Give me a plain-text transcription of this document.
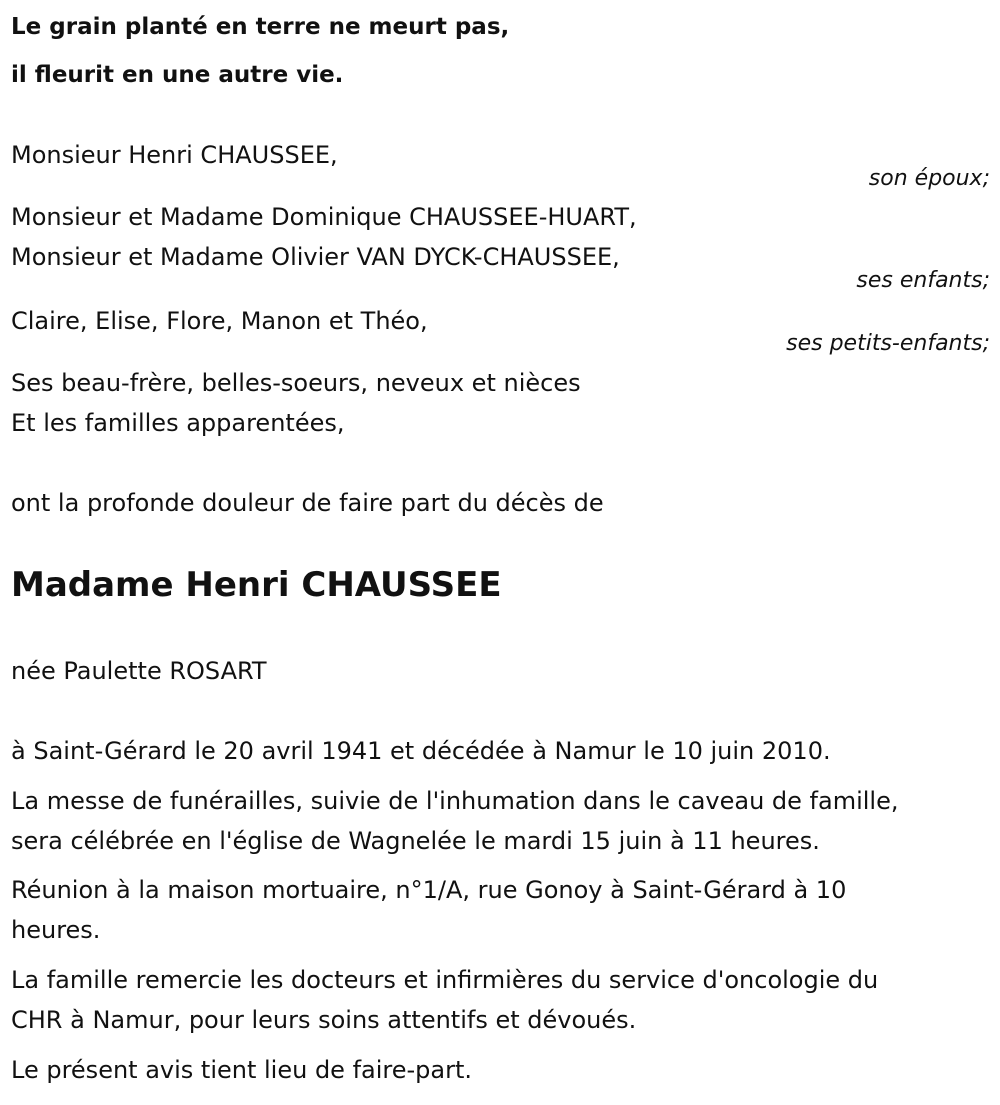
Le grain planté en terre ne meurt pas,
il fleurit en une autre vie.
Monsieur Henri CHAUSSEE,
son époux;
Monsieur et Madame Dominique CHAUSSEE-HUART,
Monsieur et Madame Olivier VAN DYCK-CHAUSSEE,
ses enfants;
Claire, Elise, Flore, Manon et Théo,
ses petits-enfants;
Ses beau-frère, belles-soeurs, neveux et nièces
Et les familles apparentées,
ont la profonde douleur de faire part du décès de
Madame Henri CHAUSSEE
née Paulette ROSART
à Saint-Gérard le 20 avril 1941 et décédée à Namur le 10 juin 2010.
La messe de funérailles, suivie de l'inhumation dans le caveau de famille,
sera célébrée en l'église de Wagnelée le mardi 15 juin à 11 heures.
Réunion à la maison mortuaire, n°1/A, rue Gonoy à Saint-Gérard à 10
heures.
La famille remercie les docteurs et infirmières du service d'oncologie du
CHR à Namur, pour leurs soins attentifs et dévoués.
Le présent avis tient lieu de faire-part.
